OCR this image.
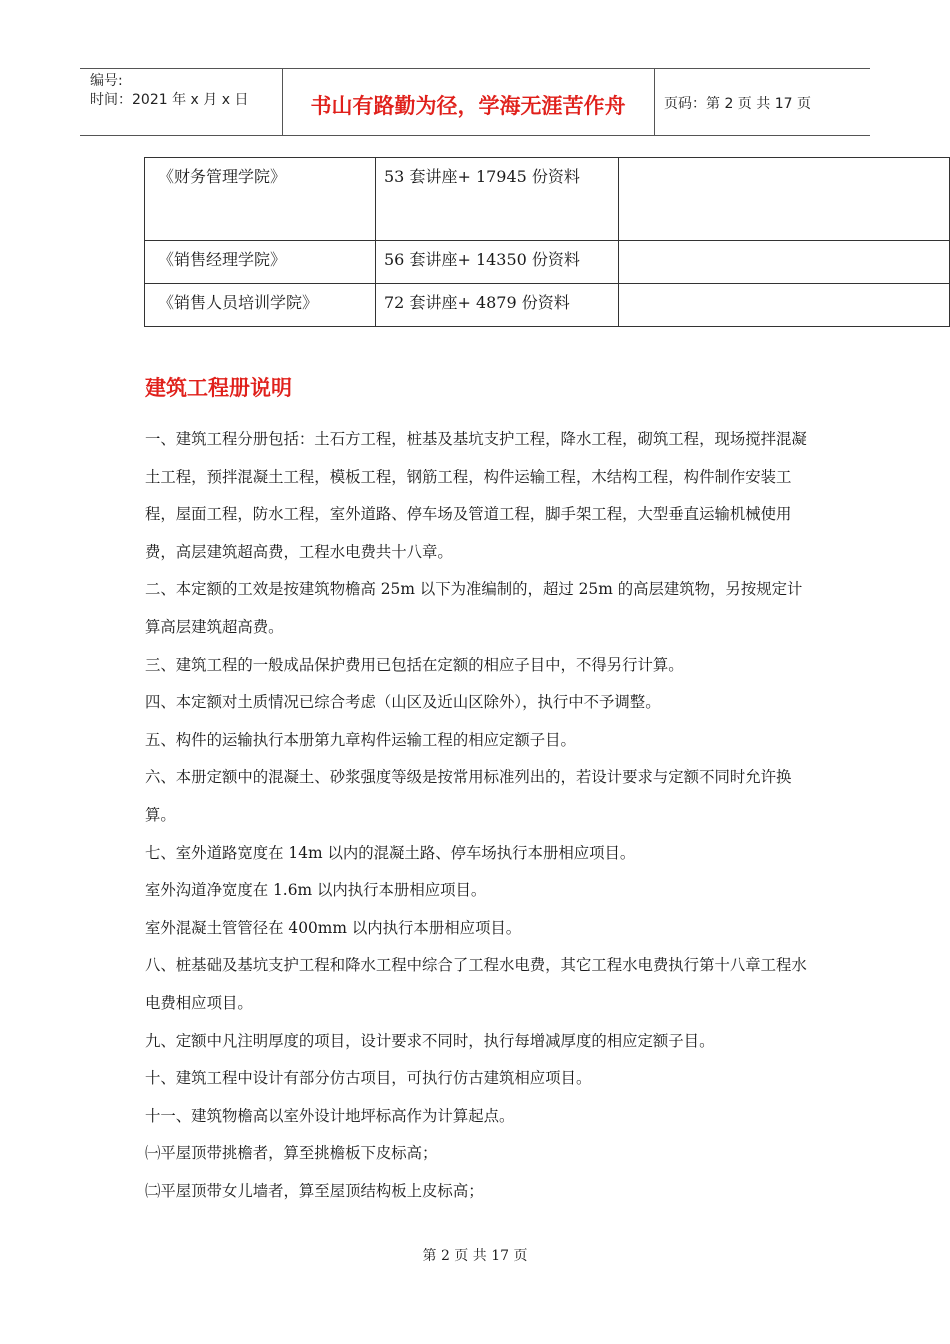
编号:
时间：2021 年 x 月 x 日	书山有路勤为径，学海无涯苦作舟	页码：第 2 页 共 17 页
《财务管理学院》	53 套讲座+ 17945 份资料	
《销售经理学院》	56 套讲座+ 14350 份资料	
《销售人员培训学院》	72 套讲座+ 4879 份资料	
建筑工程册说明

一、建筑工程分册包括：土石方工程，桩基及基坑支护工程，降水工程，砌筑工程，现场搅拌混凝土工程，预拌混凝土工程，模板工程，钢筋工程，构件运输工程，木结构工程，构件制作安装工程，屋面工程，防水工程，室外道路、停车场及管道工程，脚手架工程，大型垂直运输机械使用费，高层建筑超高费，工程水电费共十八章。

二、本定额的工效是按建筑物檐高 25m 以下为准编制的，超过 25m 的高层建筑物，另按规定计算高层建筑超高费。

三、建筑工程的一般成品保护费用已包括在定额的相应子目中，不得另行计算。

四、本定额对土质情况已综合考虑（山区及近山区除外），执行中不予调整。

五、构件的运输执行本册第九章构件运输工程的相应定额子目。

六、本册定额中的混凝土、砂浆强度等级是按常用标准列出的，若设计要求与定额不同时允许换算。

七、室外道路宽度在 14m 以内的混凝土路、停车场执行本册相应项目。

室外沟道净宽度在 1.6m 以内执行本册相应项目。

室外混凝土管管径在 400mm 以内执行本册相应项目。

八、桩基础及基坑支护工程和降水工程中综合了工程水电费，其它工程水电费执行第十八章工程水电费相应项目。

九、定额中凡注明厚度的项目，设计要求不同时，执行每增减厚度的相应定额子目。

十、建筑工程中设计有部分仿古项目，可执行仿古建筑相应项目。

十一、建筑物檐高以室外设计地坪标高作为计算起点。

㈠平屋顶带挑檐者，算至挑檐板下皮标高；

㈡平屋顶带女儿墙者，算至屋顶结构板上皮标高；

第 2 页 共 17 页
